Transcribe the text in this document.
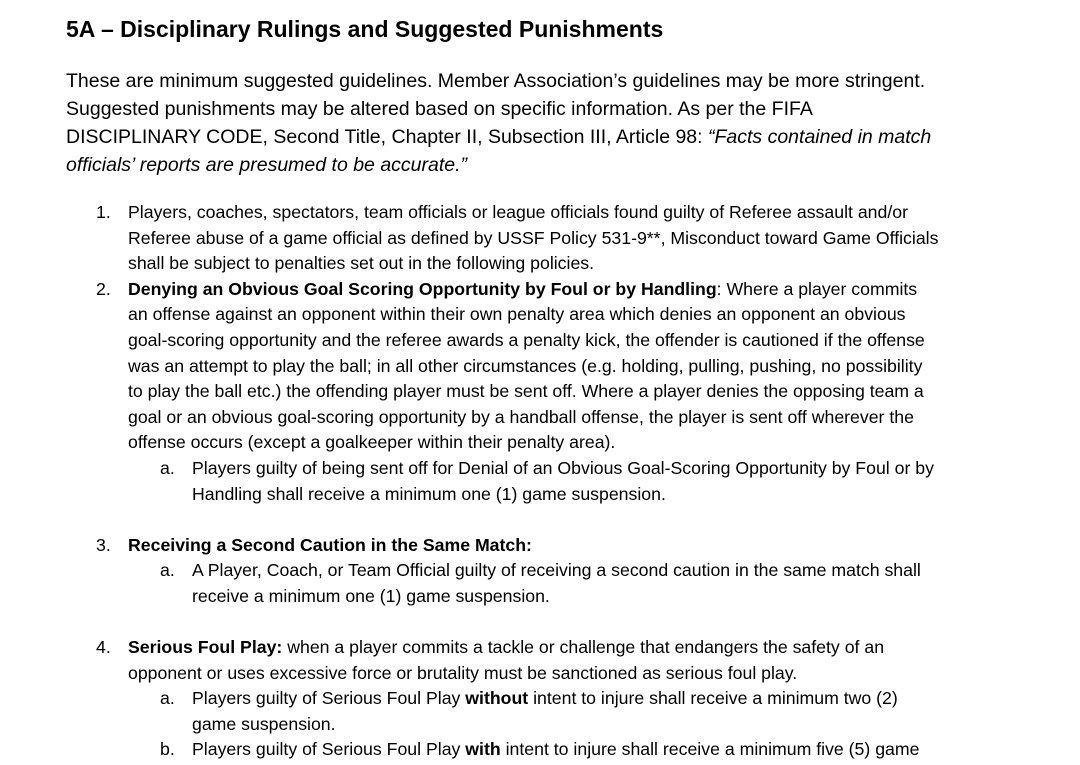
5A – Disciplinary Rulings and Suggested Punishments

These are minimum suggested guidelines. Member Association’s guidelines may be more stringent.
Suggested punishments may be altered based on specific information. As per the FIFA
DISCIPLINARY CODE, Second Title, Chapter II, Subsection III, Article 98: “Facts contained in match
officials’ reports are presumed to be accurate.”

1. Players, coaches, spectators, team officials or league officials found guilty of Referee assault and/or
Referee abuse of a game official as defined by USSF Policy 531-9**, Misconduct toward Game Officials
shall be subject to penalties set out in the following policies.
2. Denying an Obvious Goal Scoring Opportunity by Foul or by Handling: Where a player commits
an offense against an opponent within their own penalty area which denies an opponent an obvious
goal-scoring opportunity and the referee awards a penalty kick, the offender is cautioned if the offense
was an attempt to play the ball; in all other circumstances (e.g. holding, pulling, pushing, no possibility
to play the ball etc.) the offending player must be sent off. Where a player denies the opposing team a
goal or an obvious goal-scoring opportunity by a handball offense, the player is sent off wherever the
offense occurs (except a goalkeeper within their penalty area).
a. Players guilty of being sent off for Denial of an Obvious Goal-Scoring Opportunity by Foul or by
Handling shall receive a minimum one (1) game suspension.
3. Receiving a Second Caution in the Same Match:
a. A Player, Coach, or Team Official guilty of receiving a second caution in the same match shall
receive a minimum one (1) game suspension.
4. Serious Foul Play: when a player commits a tackle or challenge that endangers the safety of an
opponent or uses excessive force or brutality must be sanctioned as serious foul play.
a. Players guilty of Serious Foul Play without intent to injure shall receive a minimum two (2)
game suspension.
b. Players guilty of Serious Foul Play with intent to injure shall receive a minimum five (5) game
